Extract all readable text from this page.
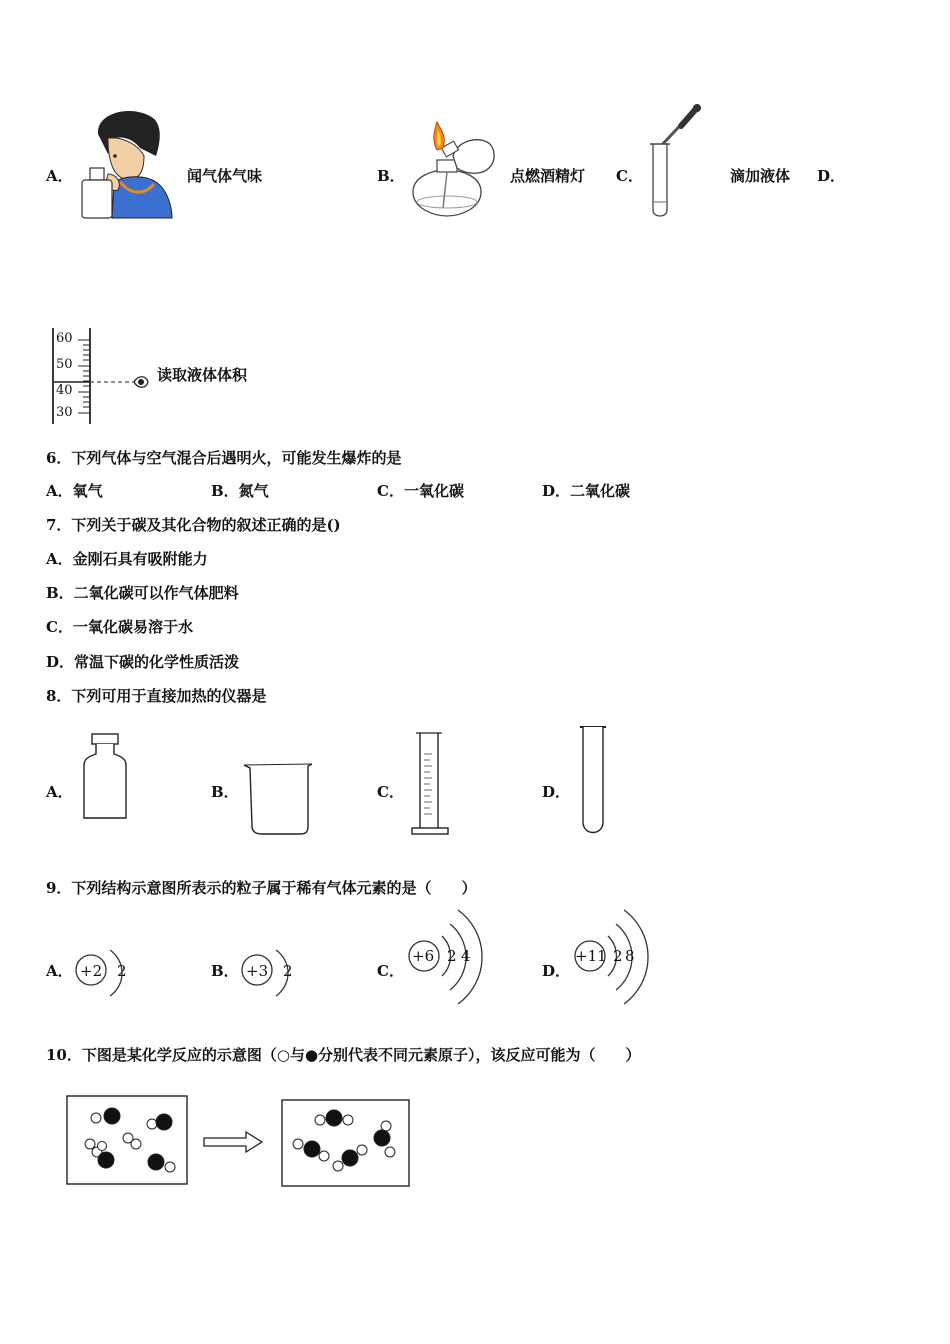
A．	闻气体气味	B．	点燃酒精灯 C．	滴加液体 D．
60
50
40
30
读取液体体积
6．下列气体与空气混合后遇明火，可能发生爆炸的是
A．氧气	B．氮气	C．一氧化碳	D．二氧化碳
7．下列关于碳及其化合物的叙述正确的是()
A．金刚石具有吸附能力
B．二氧化碳可以作气体肥料
C．一氧化碳易溶于水
D．常温下碳的化学性质活泼
8．下列可用于直接加热的仪器是
A．	B．	C．	D．
9．下列结构示意图所表示的粒子属于稀有气体元素的是（　　）
A． +2 2	B． +3 2	C．
+6 2 4
D．
+11 2 8
10．下图是某化学反应的示意图（○与●分别代表不同元素原子），该反应可能为（　　）
